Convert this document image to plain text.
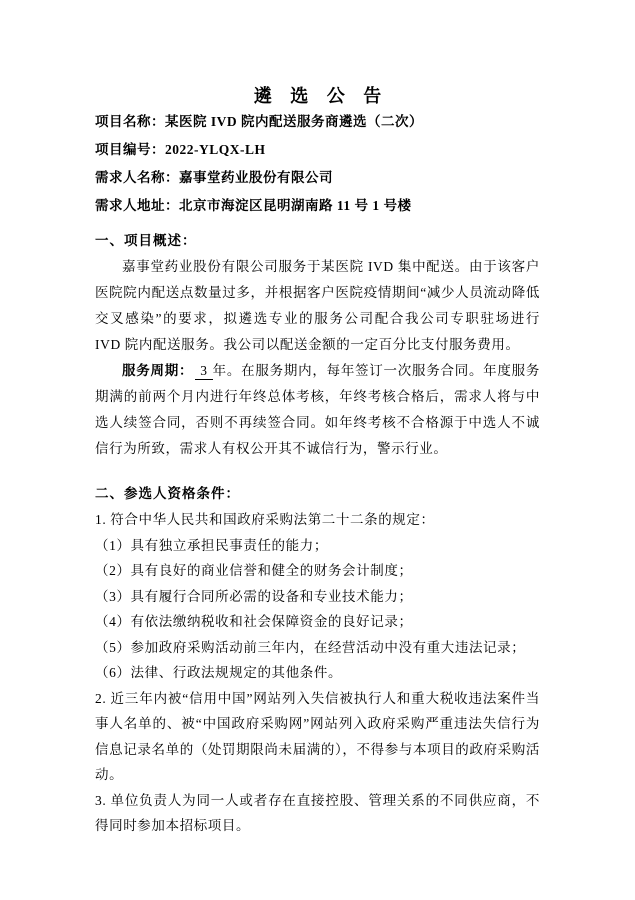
遴 选 公 告
项目名称：某医院 IVD 院内配送服务商遴选（二次）
项目编号：2022-YLQX-LH
需求人名称：嘉事堂药业股份有限公司
需求人地址：北京市海淀区昆明湖南路 11 号 1 号楼
一、项目概述：

嘉事堂药业股份有限公司服务于某医院 IVD 集中配送。由于该客户医院院内配送点数量过多，并根据客户医院疫情期间“减少人员流动降低交叉感染”的要求，拟遴选专业的服务公司配合我公司专职驻场进行 IVD 院内配送服务。我公司以配送金额的一定百分比支付服务费用。

服务周期： 3 年。在服务期内，每年签订一次服务合同。年度服务期满的前两个月内进行年终总体考核，年终考核合格后，需求人将与中选人续签合同，否则不再续签合同。如年终考核不合格源于中选人不诚信行为所致，需求人有权公开其不诚信行为，警示行业。

二、参选人资格条件：

1. 符合中华人民共和国政府采购法第二十二条的规定：

（1）具有独立承担民事责任的能力；

（2）具有良好的商业信誉和健全的财务会计制度；

（3）具有履行合同所必需的设备和专业技术能力；

（4）有依法缴纳税收和社会保障资金的良好记录；

（5）参加政府采购活动前三年内，在经营活动中没有重大违法记录；

（6）法律、行政法规规定的其他条件。

2. 近三年内被“信用中国”网站列入失信被执行人和重大税收违法案件当事人名单的、被“中国政府采购网”网站列入政府采购严重违法失信行为信息记录名单的（处罚期限尚未届满的），不得参与本项目的政府采购活动。

3. 单位负责人为同一人或者存在直接控股、管理关系的不同供应商，不得同时参加本招标项目。
